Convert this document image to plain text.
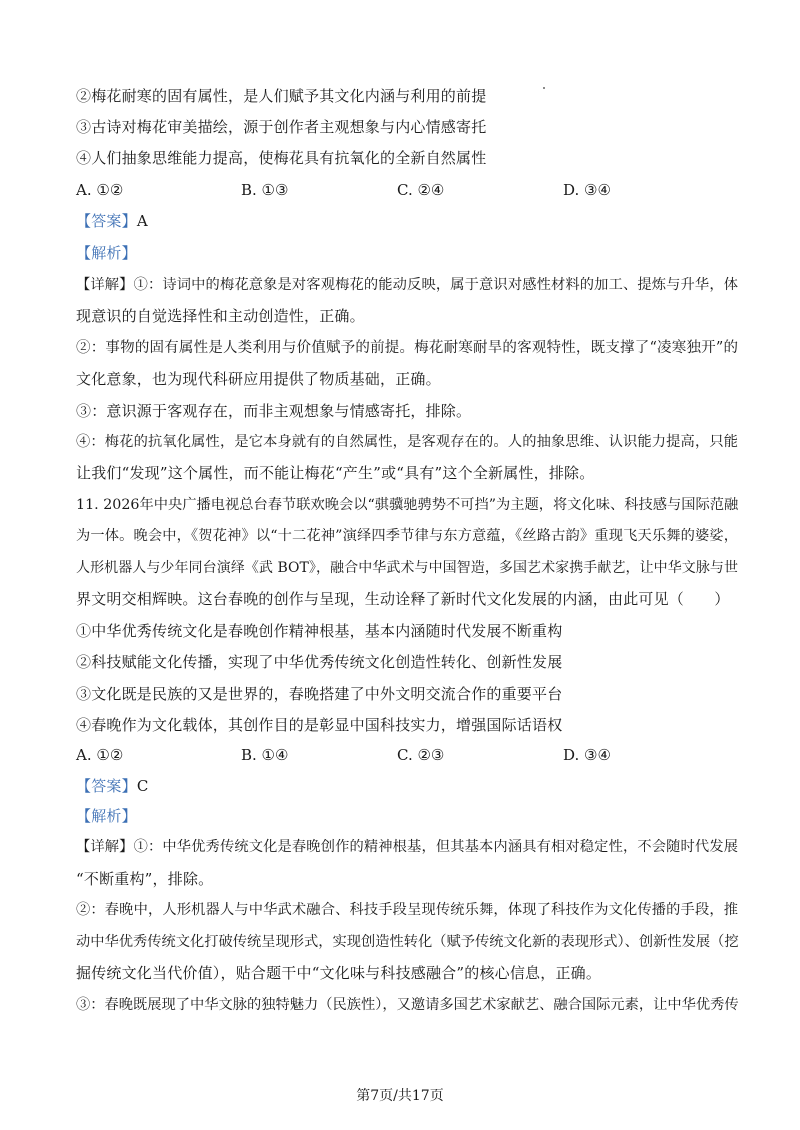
②梅花耐寒的固有属性，是人们赋予其文化内涵与利用的前提
③古诗对梅花审美描绘，源于创作者主观想象与内心情感寄托
④人们抽象思维能力提高，使梅花具有抗氧化的全新自然属性
A. ①②	B. ①③	C. ②④	D. ③④
【答案】A
【解析】
【详解】①：诗词中的梅花意象是对客观梅花的能动反映，属于意识对感性材料的加工、提炼与升华，体
现意识的自觉选择性和主动创造性，正确。
②：事物的固有属性是人类利用与价值赋予的前提。梅花耐寒耐旱的客观特性，既支撑了“凌寒独开”的
文化意象，也为现代科研应用提供了物质基础，正确。
③：意识源于客观存在，而非主观想象与情感寄托，排除。
④：梅花的抗氧化属性，是它本身就有的自然属性，是客观存在的。人的抽象思维、认识能力提高，只能
让我们“发现”这个属性，而不能让梅花“产生”或“具有”这个全新属性，排除。
11. 2026年中央广播电视总台春节联欢晚会以“骐骥驰骋势不可挡”为主题，将文化味、科技感与国际范融
为一体。晚会中，《贺花神》以“十二花神”演绎四季节律与东方意蕴，《丝路古韵》重现飞天乐舞的婆娑，
人形机器人与少年同台演绎《武 BOT》，融合中华武术与中国智造，多国艺术家携手献艺，让中华文脉与世
界文明交相辉映。这台春晚的创作与呈现，生动诠释了新时代文化发展的内涵，由此可见（　　）
①中华优秀传统文化是春晚创作精神根基，基本内涵随时代发展不断重构
②科技赋能文化传播，实现了中华优秀传统文化创造性转化、创新性发展
③文化既是民族的又是世界的，春晚搭建了中外文明交流合作的重要平台
④春晚作为文化载体，其创作目的是彰显中国科技实力，增强国际话语权
A. ①②	B. ①④	C. ②③	D. ③④
【答案】C
【解析】
【详解】①：中华优秀传统文化是春晚创作的精神根基，但其基本内涵具有相对稳定性，不会随时代发展
“不断重构”，排除。
②：春晚中，人形机器人与中华武术融合、科技手段呈现传统乐舞，体现了科技作为文化传播的手段，推
动中华优秀传统文化打破传统呈现形式，实现创造性转化（赋予传统文化新的表现形式）、创新性发展（挖
掘传统文化当代价值），贴合题干中“文化味与科技感融合”的核心信息，正确。
③：春晚既展现了中华文脉的独特魅力（民族性），又邀请多国艺术家献艺、融合国际元素，让中华优秀传
第7页/共17页
